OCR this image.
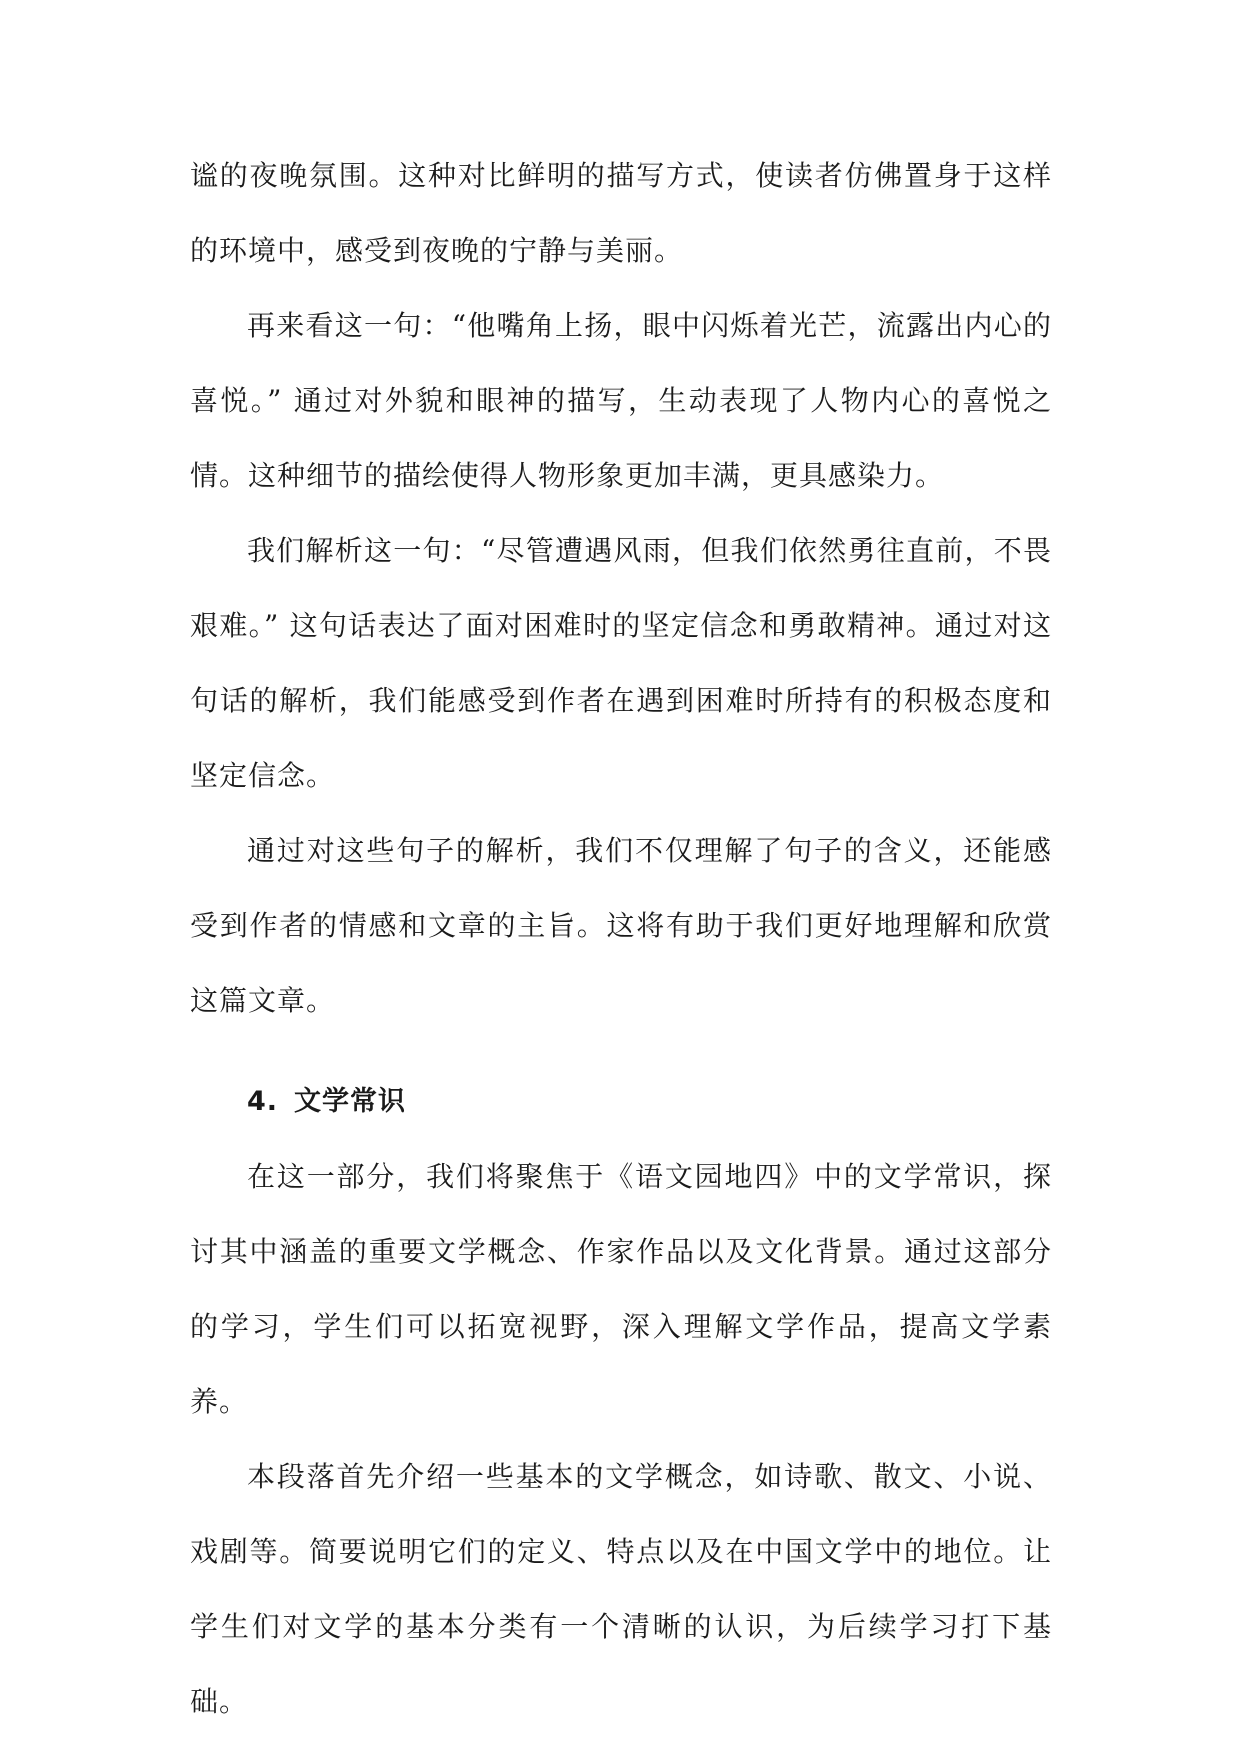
谧的夜晚氛围。这种对比鲜明的描写方式，使读者仿佛置身于这样的环境中，感受到夜晚的宁静与美丽。

再来看这一句：“他嘴角上扬，眼中闪烁着光芒，流露出内心的喜悦。” 通过对外貌和眼神的描写，生动表现了人物内心的喜悦之情。这种细节的描绘使得人物形象更加丰满，更具感染力。

我们解析这一句：“尽管遭遇风雨，但我们依然勇往直前，不畏艰难。” 这句话表达了面对困难时的坚定信念和勇敢精神。通过对这句话的解析，我们能感受到作者在遇到困难时所持有的积极态度和坚定信念。

通过对这些句子的解析，我们不仅理解了句子的含义，还能感受到作者的情感和文章的主旨。这将有助于我们更好地理解和欣赏这篇文章。

4. 文学常识

在这一部分，我们将聚焦于《语文园地四》中的文学常识，探讨其中涵盖的重要文学概念、作家作品以及文化背景。通过这部分的学习，学生们可以拓宽视野，深入理解文学作品，提高文学素养。

本段落首先介绍一些基本的文学概念，如诗歌、散文、小说、戏剧等。简要说明它们的定义、特点以及在中国文学中的地位。让学生们对文学的基本分类有一个清晰的认识，为后续学习打下基础。
